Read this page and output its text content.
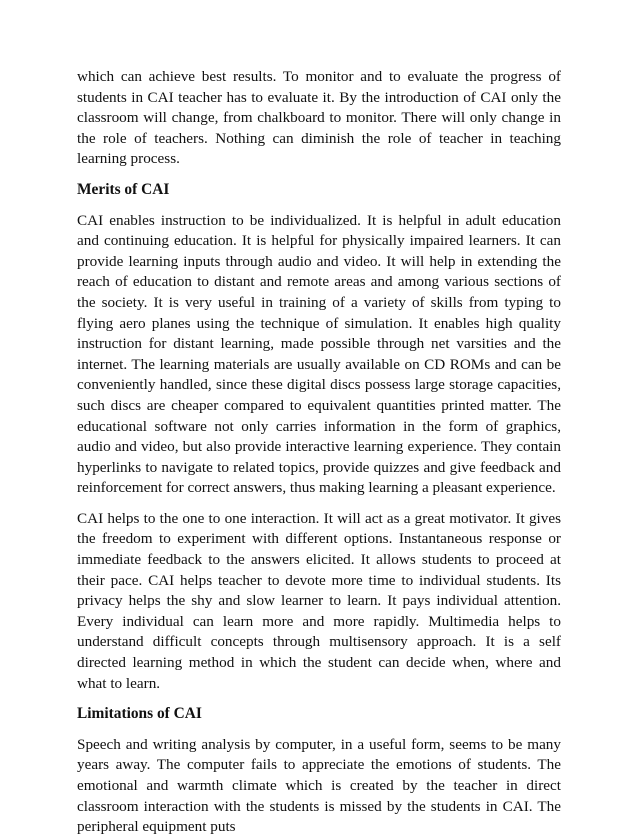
which can achieve best results. To monitor and to evaluate the progress of students in CAI teacher has to evaluate it. By the introduction of CAI only the classroom will change, from chalkboard to monitor. There will only change in the role of teachers. Nothing can diminish the role of teacher in teaching learning process.

Merits of CAI

CAI enables instruction to be individualized. It is helpful in adult education and continuing education. It is helpful for physically impaired learners. It can provide learning inputs through audio and video. It will help in extending the reach of education to distant and remote areas and among various sections of the society. It is very useful in training of a variety of skills from typing to flying aero planes using the technique of simulation. It enables high quality instruction for distant learning, made possible through net varsities and the internet. The learning materials are usually available on CD ROMs and can be conveniently handled, since these digital discs possess large storage capacities, such discs are cheaper compared to equivalent quantities printed matter. The educational software not only carries information in the form of graphics, audio and video, but also provide interactive learning experience. They contain hyperlinks to navigate to related topics, provide quizzes and give feedback and reinforcement for correct answers, thus making learning a pleasant experience.

CAI helps to the one to one interaction. It will act as a great motivator. It gives the freedom to experiment with different options. Instantaneous response or immediate feedback to the answers elicited. It allows students to proceed at their pace. CAI helps teacher to devote more time to individual students. Its privacy helps the shy and slow learner to learn. It pays individual attention. Every individual can learn more and more rapidly. Multimedia helps to understand difficult concepts through multisensory approach. It is a self directed learning method in which the student can decide when, where and what to learn.

Limitations of CAI

Speech and writing analysis by computer, in a useful form, seems to be many years away. The computer fails to appreciate the emotions of students. The emotional and warmth climate which is created by the teacher in direct classroom interaction with the students is missed by the students in CAI. The peripheral equipment puts
